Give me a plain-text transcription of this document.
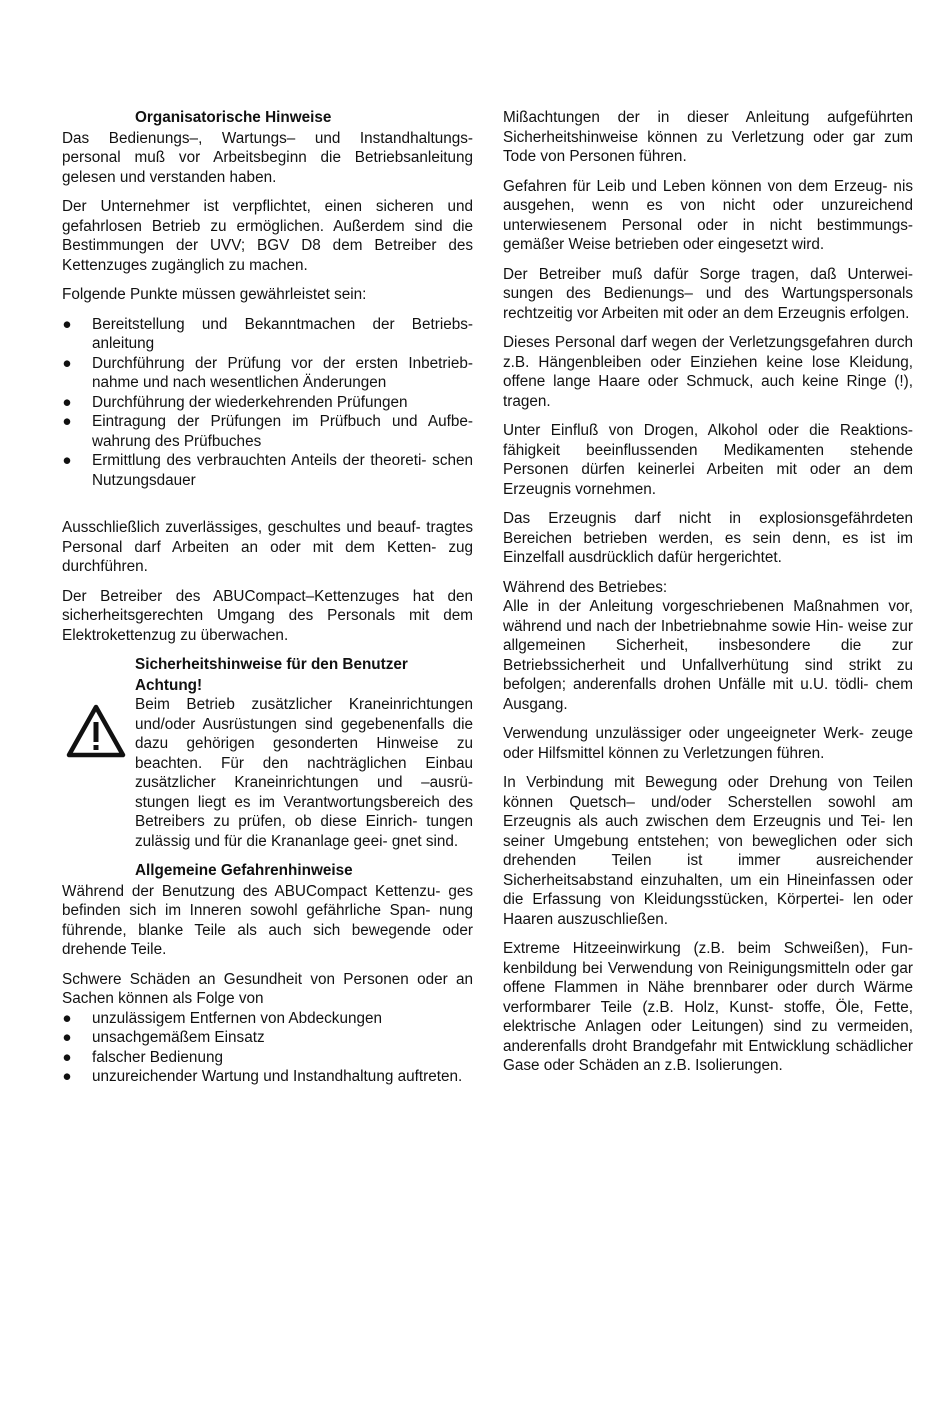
Organisatorische Hinweise

Das Bedienungs–, Wartungs– und Instandhaltungs- personal muß vor Arbeitsbeginn die Betriebsanleitung gelesen und verstanden haben.

Der Unternehmer ist verpflichtet, einen sicheren und gefahrlosen Betrieb zu ermöglichen. Außerdem sind die Bestimmungen der UVV; BGV D8 dem Betreiber des Kettenzuges zugänglich zu machen.

Folgende Punkte müssen gewährleistet sein:

● Bereitstellung und Bekanntmachen der Betriebs- anleitung
● Durchführung der Prüfung vor der ersten Inbetrieb- nahme und nach wesentlichen Änderungen
● Durchführung der wiederkehrenden Prüfungen
● Eintragung der Prüfungen im Prüfbuch und Aufbe- wahrung des Prüfbuches
● Ermittlung des verbrauchten Anteils der theoreti- schen Nutzungsdauer

Ausschließlich zuverlässiges, geschultes und beauf- tragtes Personal darf Arbeiten an oder mit dem Ketten- zug durchführen.

Der Betreiber des ABUCompact–Kettenzuges hat den sicherheitsgerechten Umgang des Personals mit dem Elektrokettenzug zu überwachen.

Sicherheitshinweise für den Benutzer
Achtung!

Beim Betrieb zusätzlicher Kraneinrichtungen und/oder Ausrüstungen sind gegebenenfalls die dazu gehörigen gesonderten Hinweise zu beachten. Für den nachträglichen Einbau zusätzlicher Kraneinrichtungen und –ausrü- stungen liegt es im Verantwortungsbereich des Betreibers zu prüfen, ob diese Einrich- tungen zulässig und für die Krananlage geei- gnet sind.

Allgemeine Gefahrenhinweise

Während der Benutzung des ABUCompact Kettenzu- ges befinden sich im Inneren sowohl gefährliche Span- nung führende, blanke Teile als auch sich bewegende oder drehende Teile.

Schwere Schäden an Gesundheit von Personen oder an Sachen können als Folge von

● unzulässigem Entfernen von Abdeckungen
● unsachgemäßem Einsatz
● falscher Bedienung
● unzureichender Wartung und Instandhaltung auftreten.

Mißachtungen der in dieser Anleitung aufgeführten Sicherheitshinweise können zu Verletzung oder gar zum Tode von Personen führen.

Gefahren für Leib und Leben können von dem Erzeug- nis ausgehen, wenn es von nicht oder unzureichend unterwiesenem Personal oder in nicht bestimmungs- gemäßer Weise betrieben oder eingesetzt wird.

Der Betreiber muß dafür Sorge tragen, daß Unterwei- sungen des Bedienungs– und des Wartungspersonals rechtzeitig vor Arbeiten mit oder an dem Erzeugnis erfolgen.

Dieses Personal darf wegen der Verletzungsgefahren durch z.B. Hängenbleiben oder Einziehen keine lose Kleidung, offene lange Haare oder Schmuck, auch keine Ringe (!), tragen.

Unter Einfluß von Drogen, Alkohol oder die Reaktions- fähigkeit beeinflussenden Medikamenten stehende Personen dürfen keinerlei Arbeiten mit oder an dem Erzeugnis vornehmen.

Das Erzeugnis darf nicht in explosionsgefährdeten Bereichen betrieben werden, es sein denn, es ist im Einzelfall ausdrücklich dafür hergerichtet.

Während des Betriebes:

Alle in der Anleitung vorgeschriebenen Maßnahmen vor, während und nach der Inbetriebnahme sowie Hin- weise zur allgemeinen Sicherheit, insbesondere die zur Betriebssicherheit und Unfallverhütung sind strikt zu befolgen; anderenfalls drohen Unfälle mit u.U. tödli- chem Ausgang.

Verwendung unzulässiger oder ungeeigneter Werk- zeuge oder Hilfsmittel können zu Verletzungen führen.

In Verbindung mit Bewegung oder Drehung von Teilen können Quetsch– und/oder Scherstellen sowohl am Erzeugnis als auch zwischen dem Erzeugnis und Tei- len seiner Umgebung entstehen; von beweglichen oder sich drehenden Teilen ist immer ausreichender Sicherheitsabstand einzuhalten, um ein Hineinfassen oder die Erfassung von Kleidungsstücken, Körpertei- len oder Haaren auszuschließen.

Extreme Hitzeeinwirkung (z.B. beim Schweißen), Fun- kenbildung bei Verwendung von Reinigungsmitteln oder gar offene Flammen in Nähe brennbarer oder durch Wärme verformbarer Teile (z.B. Holz, Kunst- stoffe, Öle, Fette, elektrische Anlagen oder Leitungen) sind zu vermeiden, anderenfalls droht Brandgefahr mit Entwicklung schädlicher Gase oder Schäden an z.B. Isolierungen.
